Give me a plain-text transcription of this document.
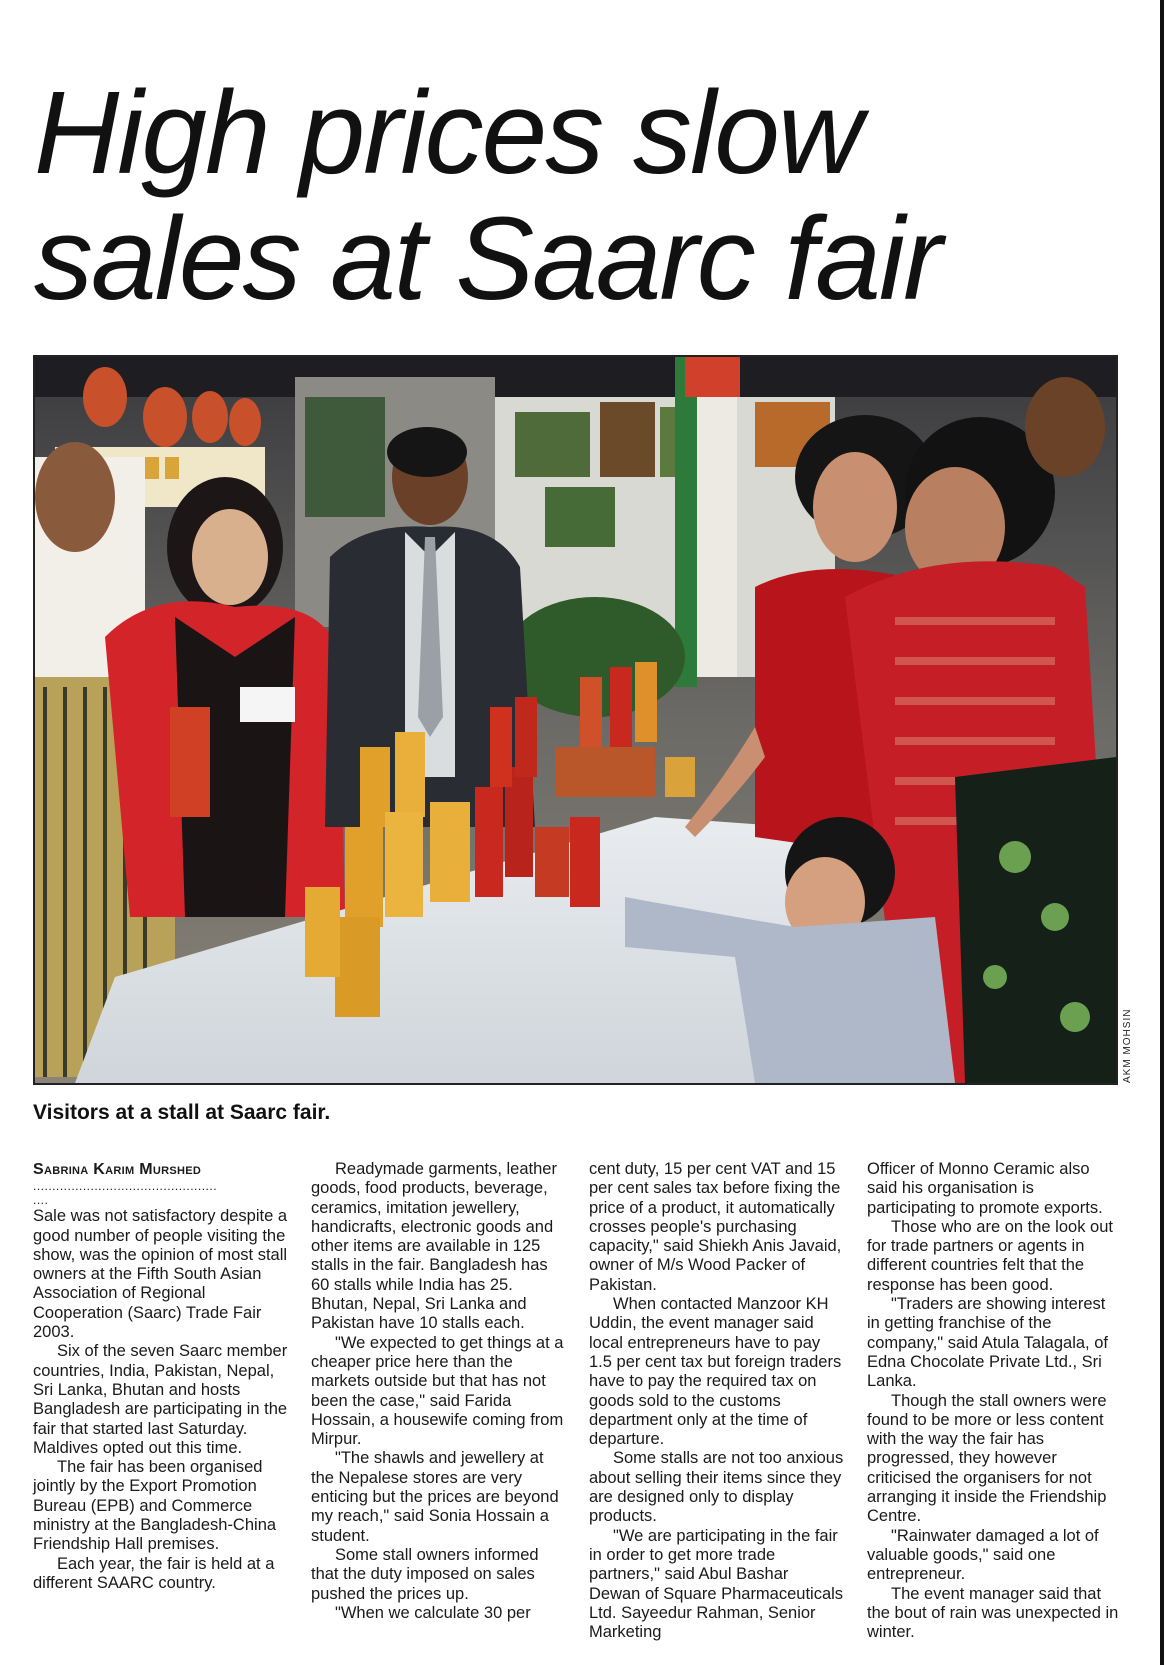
High prices slow sales at Saarc fair
AKM MOHSIN
Visitors at a stall at Saarc fair.

Sabrina Karim Murshed

................................................
....

Sale was not satisfactory despite a good number of people visiting the show, was the opinion of most stall owners at the Fifth South Asian Association of Regional Cooperation (Saarc) Trade Fair 2003.

Six of the seven Saarc member countries, India, Pakistan, Nepal, Sri Lanka, Bhutan and hosts Bangladesh are participating in the fair that started last Saturday. Maldives opted out this time.

The fair has been organised jointly by the Export Promotion Bureau (EPB) and Commerce ministry at the Bangladesh-China Friendship Hall premises.

Each year, the fair is held at a different SAARC country.

Readymade garments, leather goods, food products, beverage, ceramics, imitation jewellery, handicrafts, electronic goods and other items are available in 125 stalls in the fair. Bangladesh has 60 stalls while India has 25. Bhutan, Nepal, Sri Lanka and Pakistan have 10 stalls each.

"We expected to get things at a cheaper price here than the markets outside but that has not been the case," said Farida Hossain, a housewife coming from Mirpur.

"The shawls and jewellery at the Nepalese stores are very enticing but the prices are beyond my reach," said Sonia Hossain a student.

Some stall owners informed that the duty imposed on sales pushed the prices up.

"When we calculate 30 per

cent duty, 15 per cent VAT and 15 per cent sales tax before fixing the price of a product, it automatically crosses people's purchasing capacity," said Shiekh Anis Javaid, owner of M/s Wood Packer of Pakistan.

When contacted Manzoor KH Uddin, the event manager said local entrepreneurs have to pay 1.5 per cent tax but foreign traders have to pay the required tax on goods sold to the customs department only at the time of departure.

Some stalls are not too anxious about selling their items since they are designed only to display products.

"We are participating in the fair in order to get more trade partners," said Abul Bashar Dewan of Square Pharmaceuticals Ltd. Sayeedur Rahman, Senior Marketing

Officer of Monno Ceramic also said his organisation is participating to promote exports.

Those who are on the look out for trade partners or agents in different countries felt that the response has been good.

"Traders are showing interest in getting franchise of the company," said Atula Talagala, of Edna Chocolate Private Ltd., Sri Lanka.

Though the stall owners were found to be more or less content with the way the fair has progressed, they however criticised the organisers for not arranging it inside the Friendship Centre.

"Rainwater damaged a lot of valuable goods," said one entrepreneur.

The event manager said that the bout of rain was unexpected in winter.
